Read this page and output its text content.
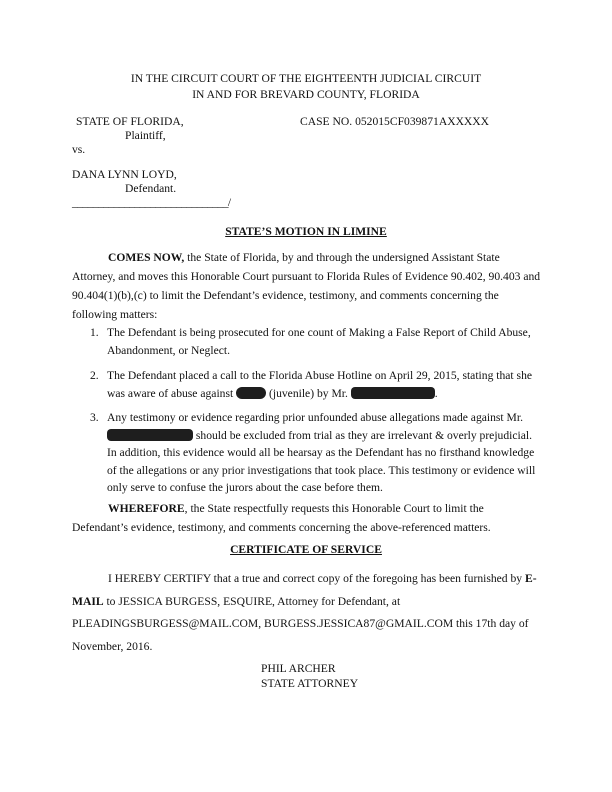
IN THE CIRCUIT COURT OF THE EIGHTEENTH JUDICIAL CIRCUIT
IN AND FOR BREVARD COUNTY, FLORIDA
STATE OF FLORIDA,
Plaintiff,
CASE NO. 052015CF039871AXXXXX
vs.
DANA LYNN LOYD,
Defendant.
______________________________/
STATE’S MOTION IN LIMINE
COMES NOW, the State of Florida, by and through the undersigned Assistant State Attorney, and moves this Honorable Court pursuant to Florida Rules of Evidence 90.402, 90.403 and 90.404(1)(b),(c) to limit the Defendant’s evidence, testimony, and comments concerning the following matters:
1. The Defendant is being prosecuted for one count of Making a False Report of Child Abuse, Abandonment, or Neglect.
2. The Defendant placed a call to the Florida Abuse Hotline on April 29, 2015, stating that she was aware of abuse against	(juvenile) by Mr.	.
3. Any testimony or evidence regarding prior unfounded abuse allegations made against Mr.  should be excluded from trial as they are irrelevant & overly prejudicial. In addition, this evidence would all be hearsay as the Defendant has no firsthand knowledge of the allegations or any prior investigations that took place. This testimony or evidence will only serve to confuse the jurors about the case before them.
WHEREFORE, the State respectfully requests this Honorable Court to limit the Defendant’s evidence, testimony, and comments concerning the above-referenced matters.
CERTIFICATE OF SERVICE
I HEREBY CERTIFY that a true and correct copy of the foregoing has been furnished by E-MAIL to JESSICA BURGESS, ESQUIRE, Attorney for Defendant, at PLEADINGSBURGESS@MAIL.COM, BURGESS.JESSICA87@GMAIL.COM this 17th day of November, 2016.
PHIL ARCHER
STATE ATTORNEY
